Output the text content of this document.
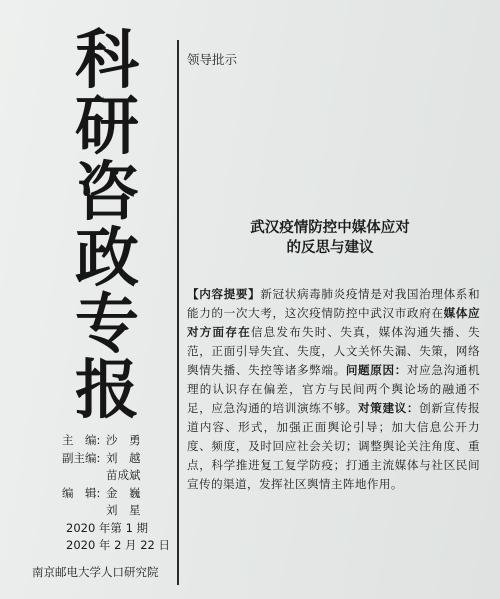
科
研
咨
政
专
报
主　编: 沙　勇
副主编: 刘　越
苗成斌
编　辑: 金　巍
刘　星
2020 年第 1 期
2020 年 2 月 22 日
南京邮电大学人口研究院
领导批示
武汉疫情防控中媒体应对
的反思与建议
【内容提要】新冠状病毒肺炎疫情是对我国治理体系和能力的一次大考，这次疫情防控中武汉市政府在媒体应对方面存在信息发布失时、失真，媒体沟通失播、失范，正面引导失宜、失度，人文关怀失漏、失策，网络舆情失播、失控等诸多弊端。问题原因：对应急沟通机理的认识存在偏差，官方与民间两个舆论场的融通不足，应急沟通的培训演练不够。对策建议：创新宣传报道内容、形式，加强正面舆论引导；加大信息公开力度、频度，及时回应社会关切；调整舆论关注角度、重点，科学推进复工复学防疫；打通主流媒体与社区民间宣传的渠道，发挥社区舆情主阵地作用。
